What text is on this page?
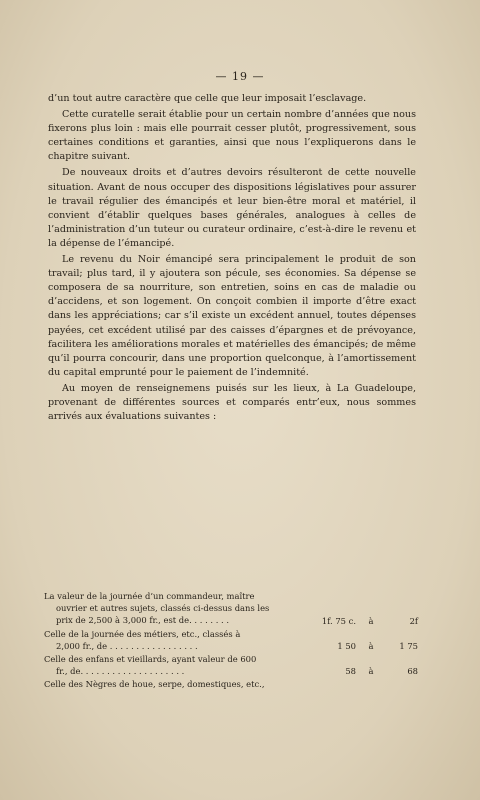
— 19 —

d’un tout autre caractère que celle que leur imposait l’esclavage.

Cette curatelle serait établie pour un certain nombre d’années que nous fixerons plus loin : mais elle pourrait cesser plutôt, progressivement, sous certaines conditions et garanties, ainsi que nous l’expliquerons dans le chapitre suivant.

De nouveaux droits et d’autres devoirs résulteront de cette nouvelle situation. Avant de nous occuper des dispositions législatives pour assurer le travail régulier des émancipés et leur bien-être moral et matériel, il convient d’établir quelques bases générales, analogues à celles de l’administration d’un tuteur ou curateur ordinaire, c’est-à-dire le revenu et la dépense de l’émancipé.

Le revenu du Noir émancipé sera principalement le produit de son travail; plus tard, il y ajoutera son pécule, ses économies. Sa dépense se composera de sa nourriture, son entretien, soins en cas de maladie ou d’accidens, et son logement. On conçoit combien il importe d’être exact dans les appréciations; car s’il existe un excédent annuel, toutes dépenses payées, cet excédent utilisé par des caisses d’épargnes et de prévoyance, faciliterа les améliorations morales et matérielles des émancipés; de même qu’il pourra concourir, dans une proportion quelconque, à l’amortissement du capital emprunté pour le paiement de l’indemnité.

Au moyen de renseignemens puisés sur les lieux, à La Guadeloupe, provenant de différentes sources et comparés entr’eux, nous sommes arrivés aux évaluations suivantes :

La valeur de la journée d’un commandeur, maître
ouvrier et autres sujets, classés ci-dessus dans les
prix de 2,500 à 3,000 fr., est de. . . . . . . .	1f. 75 c.	à	2f
Celle de la journée des métiers, etc., classés à
2,000 fr., de . . . . . . . . . . . . . . . . .	1 50	à	1 75
Celle des enfans et vieillards, ayant valeur de 600
fr., de. . . . . . . . . . . . . . . . . . . .	58	à	68
Celle des Nègres de houe, serpe, domestiques, etc.,
